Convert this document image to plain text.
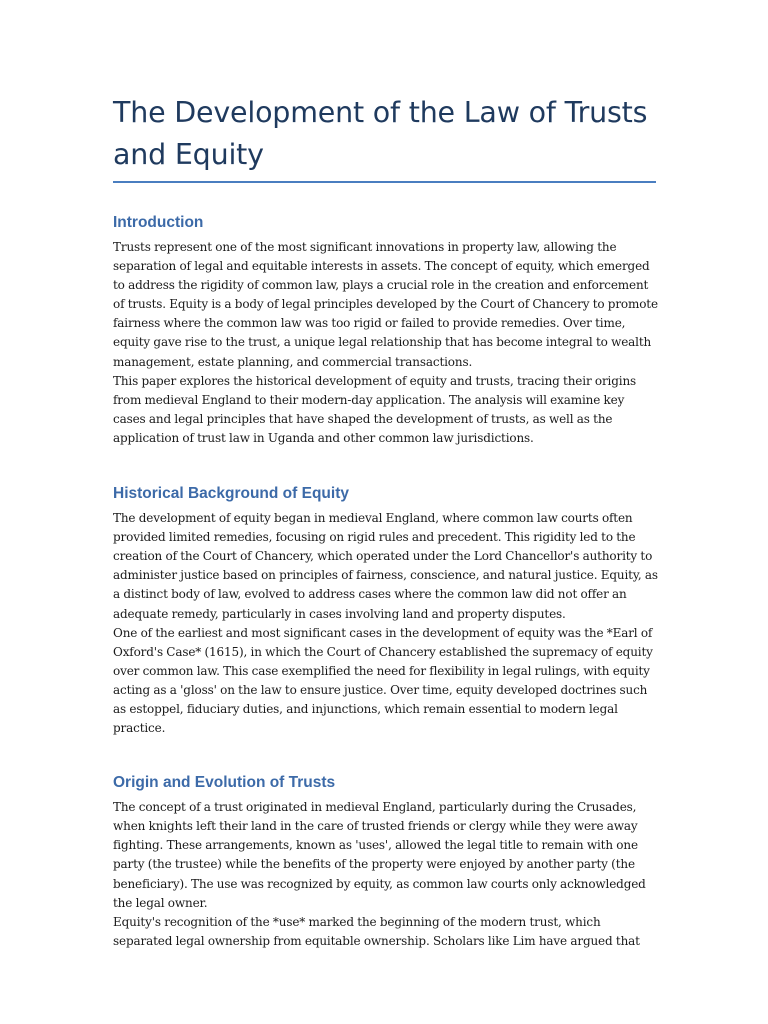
The Development of the Law of Trusts and Equity
Introduction

Trusts represent one of the most significant innovations in property law, allowing the separation of legal and equitable interests in assets. The concept of equity, which emerged to address the rigidity of common law, plays a crucial role in the creation and enforcement of trusts. Equity is a body of legal principles developed by the Court of Chancery to promote fairness where the common law was too rigid or failed to provide remedies. Over time, equity gave rise to the trust, a unique legal relationship that has become integral to wealth management, estate planning, and commercial transactions.

This paper explores the historical development of equity and trusts, tracing their origins from medieval England to their modern-day application. The analysis will examine key cases and legal principles that have shaped the development of trusts, as well as the application of trust law in Uganda and other common law jurisdictions.

Historical Background of Equity

The development of equity began in medieval England, where common law courts often provided limited remedies, focusing on rigid rules and precedent. This rigidity led to the creation of the Court of Chancery, which operated under the Lord Chancellor's authority to administer justice based on principles of fairness, conscience, and natural justice. Equity, as a distinct body of law, evolved to address cases where the common law did not offer an adequate remedy, particularly in cases involving land and property disputes.

One of the earliest and most significant cases in the development of equity was the *Earl of Oxford's Case* (1615), in which the Court of Chancery established the supremacy of equity over common law. This case exemplified the need for flexibility in legal rulings, with equity acting as a 'gloss' on the law to ensure justice. Over time, equity developed doctrines such as estoppel, fiduciary duties, and injunctions, which remain essential to modern legal practice.

Origin and Evolution of Trusts

The concept of a trust originated in medieval England, particularly during the Crusades, when knights left their land in the care of trusted friends or clergy while they were away fighting. These arrangements, known as 'uses', allowed the legal title to remain with one party (the trustee) while the benefits of the property were enjoyed by another party (the beneficiary). The use was recognized by equity, as common law courts only acknowledged the legal owner.

Equity's recognition of the *use* marked the beginning of the modern trust, which separated legal ownership from equitable ownership. Scholars like Lim have argued that
